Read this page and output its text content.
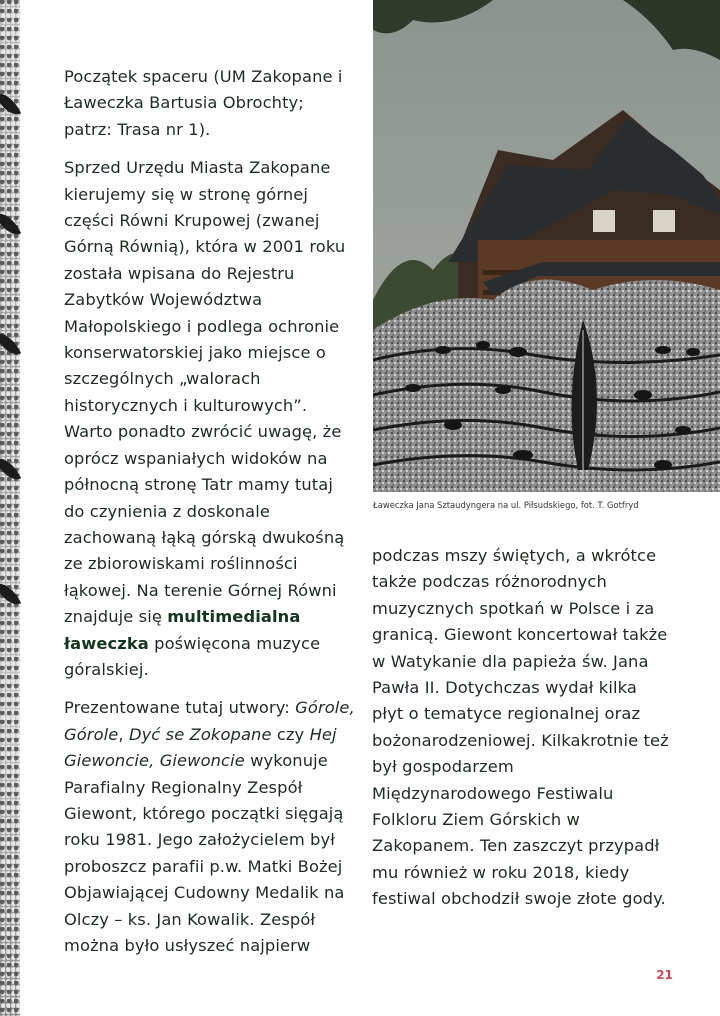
Początek spaceru (UM Zakopane i Ławeczka Bartusia Obrochty; patrz: Trasa nr 1).

Sprzed Urzędu Miasta Zakopane kierujemy się w stronę górnej części Równi Krupowej (zwanej Górną Równią), która w 2001 roku została wpisana do Rejestru Zabytków Województwa Małopolskiego i podlega ochronie konserwatorskiej jako miejsce o szczególnych „walorach historycznych i kulturowych”. Warto ponadto zwrócić uwagę, że oprócz wspaniałych widoków na północną stronę Tatr mamy tutaj do czynienia z doskonale zachowaną łąką górską dwukośną ze zbiorowiskami roślinności łąkowej. Na terenie Górnej Równi znajduje się multimedialna ławeczka poświęcona muzyce góralskiej.

Prezentowane tutaj utwory: Górole, Górole, Dyć se Zokopane czy Hej Giewoncie, Giewoncie wykonuje Parafialny Regionalny Zespół Giewont, którego początki sięgają roku 1981. Jego założycielem był proboszcz parafii p.w. Matki Bożej Objawiającej Cudowny Medalik na Olczy – ks. Jan Kowalik. Zespół można było usłyszeć najpierw

Ławeczka Jana Sztaudyngera na ul. Piłsudskiego, fot. T. Gotfryd

podczas mszy świętych, a wkrótce także podczas różnorodnych muzycznych spotkań w Polsce i za granicą. Giewont koncertował także w Watykanie dla papieża św. Jana Pawła II. Dotychczas wydał kilka płyt o tematyce regionalnej oraz bożonarodzeniowej. Kilkakrotnie też był gospodarzem Międzynarodowego Festiwalu Folkloru Ziem Górskich w Zakopanem. Ten zaszczyt przypadł mu również w roku 2018, kiedy festiwal obchodził swoje złote gody.

21
